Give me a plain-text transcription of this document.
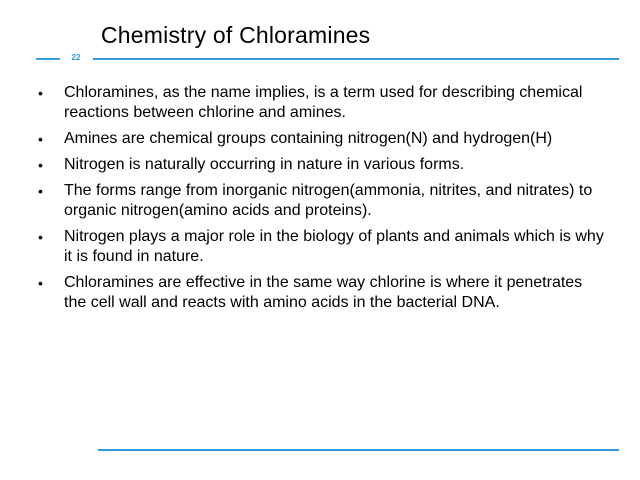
Chemistry of Chloramines
22
•	Chloramines, as the name implies, is a term used for describing chemical reactions between chlorine and amines.
•	Amines are chemical groups containing nitrogen(N) and hydrogen(H)
•	Nitrogen is naturally occurring in nature in various forms.
•	The forms range from inorganic nitrogen(ammonia, nitrites, and nitrates) to organic nitrogen(amino acids and proteins).
•	Nitrogen plays a major role in the biology of plants and animals which is why it is found in nature.
•	Chloramines are effective in the same way chlorine is where it penetrates the cell wall and reacts with amino acids in the bacterial DNA.
